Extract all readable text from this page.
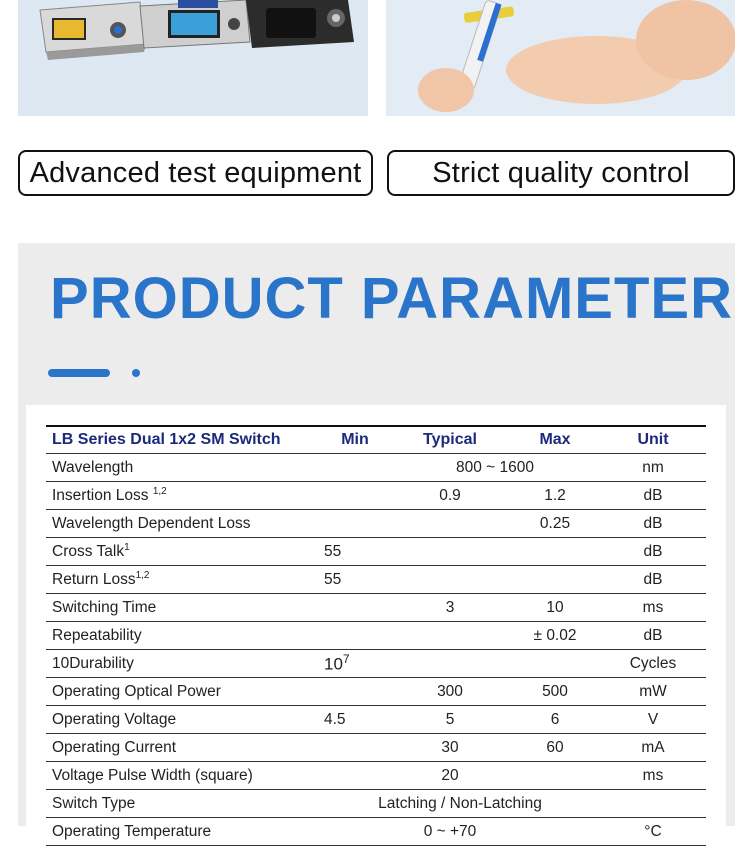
Advanced test equipment	Strict quality control
PRODUCT PARAMETER
LB Series Dual 1x2 SM Switch	Min	Typical	Max	Unit
Wavelength		800 ~ 1600		nm
Insertion Loss $^{1,2}$		0.9	1.2	dB
Wavelength Dependent Loss			0.25	dB
Cross Talk$^1$	55			dB
Return Loss$^{1,2}$	55			dB
Switching Time		3	10	ms
Repeatability			± 0.02	dB
10Durability	$10^7$			Cycles
Operating Optical Power		300	500	mW
Operating Voltage	4.5	5	6	V
Operating Current		30	60	mA
Voltage Pulse Width (square)		20		ms
Switch Type	Latching / Non-Latching			
Operating Temperature		0 ~ +70		°C
